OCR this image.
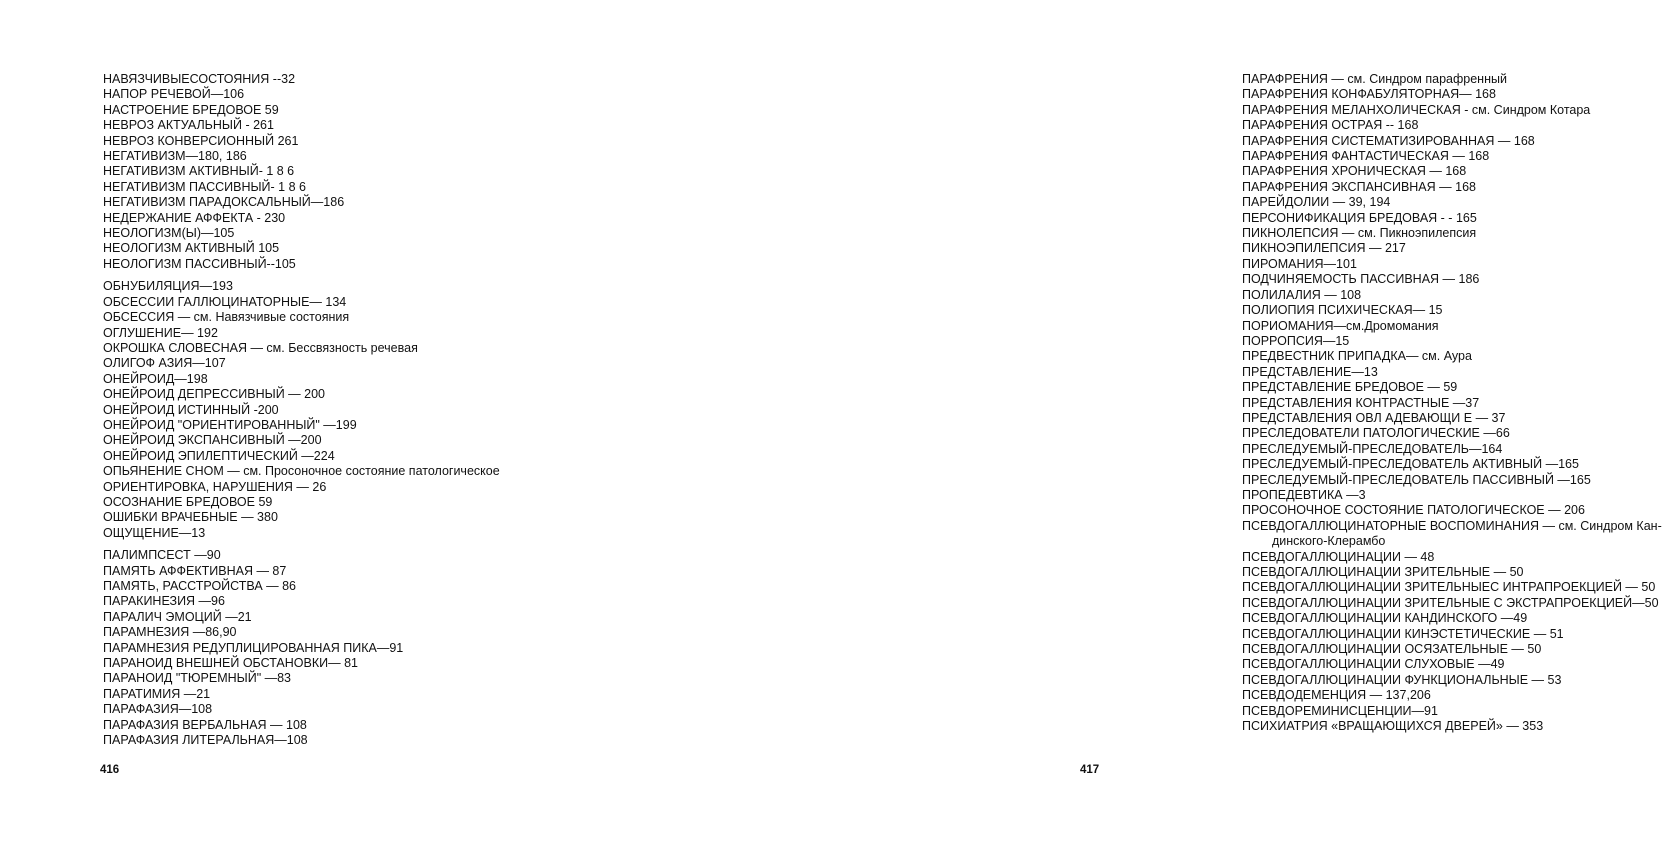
НАВЯЗЧИВЫЕСОСТОЯНИЯ --32
НАПОР РЕЧЕВОЙ—106
НАСТРОЕНИЕ БРЕДОВОЕ 59
НЕВРОЗ АКТУАЛЬНЫЙ - 261
НЕВРОЗ КОНВЕРСИОННЫЙ 261
НЕГАТИВИЗМ—180, 186
НЕГАТИВИЗМ АКТИВНЫЙ- 1 8 6
НЕГАТИВИЗМ ПАССИВНЫЙ- 1 8 6
НЕГАТИВИЗМ ПАРАДОКСАЛЬНЫЙ—186
НЕДЕРЖАНИЕ АФФЕКТА - 230
НЕОЛОГИЗМ(Ы)—105
НЕОЛОГИЗМ АКТИВНЫЙ 105
НЕОЛОГИЗМ ПАССИВНЫЙ--105
ОБНУБИЛЯЦИЯ—193
ОБСЕССИИ ГАЛЛЮЦИНАТОРНЫЕ— 134
ОБСЕССИЯ — см. Навязчивые состояния
ОГЛУШЕНИЕ— 192
ОКРОШКА СЛОВЕСНАЯ — см. Бессвязность речевая
ОЛИГОФ АЗИЯ—107
ОНЕЙРОИД—198
ОНЕЙРОИД ДЕПРЕССИВНЫЙ — 200
ОНЕЙРОИД ИСТИННЫЙ -200
ОНЕЙРОИД "ОРИЕНТИРОВАННЫЙ" —199
ОНЕЙРОИД ЭКСПАНСИВНЫЙ —200
ОНЕЙРОИД ЭПИЛЕПТИЧЕСКИЙ —224
ОПЬЯНЕНИЕ СНОМ — см. Просоночное состояние патологическое
ОРИЕНТИРОВКА, НАРУШЕНИЯ — 26
ОСОЗНАНИЕ БРЕДОВОЕ 59
ОШИБКИ ВРАЧЕБНЫЕ — 380
ОЩУЩЕНИЕ—13
ПАЛИМПСЕСТ —90
ПАМЯТЬ АФФЕКТИВНАЯ — 87
ПАМЯТЬ, РАССТРОЙСТВА — 86
ПАРАКИНЕЗИЯ —96
ПАРАЛИЧ ЭМОЦИЙ —21
ПАРАМНЕЗИЯ —86,90
ПАРАМНЕЗИЯ РЕДУПЛИЦИРОВАННАЯ ПИКА—91
ПАРАНОИД ВНЕШНЕЙ ОБСТАНОВКИ— 81
ПАРАНОИД "ТЮРЕМНЫЙ" —83
ПАРАТИМИЯ —21
ПАРАФАЗИЯ—108
ПАРАФАЗИЯ ВЕРБАЛЬНАЯ — 108
ПАРАФАЗИЯ ЛИТЕРАЛЬНАЯ—108
416
ПАРАФРЕНИЯ — см. Синдром парафренный
ПАРАФРЕНИЯ КОНФАБУЛЯТОРНАЯ— 168
ПАРАФРЕНИЯ МЕЛАНХОЛИЧЕСКАЯ - см. Синдром Котара
ПАРАФРЕНИЯ ОСТРАЯ -- 168
ПАРАФРЕНИЯ СИСТЕМАТИЗИРОВАННАЯ — 168
ПАРАФРЕНИЯ ФАНТАСТИЧЕСКАЯ — 168
ПАРАФРЕНИЯ ХРОНИЧЕСКАЯ — 168
ПАРАФРЕНИЯ ЭКСПАНСИВНАЯ — 168
ПАРЕЙДОЛИИ — 39, 194
ПЕРСОНИФИКАЦИЯ БРЕДОВАЯ - - 165
ПИКНОЛЕПСИЯ — см. Пикноэпилепсия
ПИКНОЭПИЛЕПСИЯ — 217
ПИРОМАНИЯ—101
ПОДЧИНЯЕМОСТЬ ПАССИВНАЯ — 186
ПОЛИЛАЛИЯ — 108
ПОЛИОПИЯ ПСИХИЧЕСКАЯ— 15
ПОРИОМАНИЯ—см.Дромомания
ПОРРОПСИЯ—15
ПРЕДВЕСТНИК ПРИПАДКА— см. Аура
ПРЕДСТАВЛЕНИЕ—13
ПРЕДСТАВЛЕНИЕ БРЕДОВОЕ — 59
ПРЕДСТАВЛЕНИЯ КОНТРАСТНЫЕ —37
ПРЕДСТАВЛЕНИЯ ОВЛ АДЕВАЮЩИ Е — 37
ПРЕСЛЕДОВАТЕЛИ ПАТОЛОГИЧЕСКИЕ —66
ПРЕСЛЕДУЕМЫЙ-ПРЕСЛЕДОВАТЕЛЬ—164
ПРЕСЛЕДУЕМЫЙ-ПРЕСЛЕДОВАТЕЛЬ АКТИВНЫЙ —165
ПРЕСЛЕДУЕМЫЙ-ПРЕСЛЕДОВАТЕЛЬ ПАССИВНЫЙ —165
ПРОПЕДЕВТИКА —3
ПРОСОНОЧНОЕ СОСТОЯНИЕ ПАТОЛОГИЧЕСКОЕ — 206
ПСЕВДОГАЛЛЮЦИНАТОРНЫЕ ВОСПОМИНАНИЯ — см. Синдром Кан-
динского-Клерамбо
ПСЕВДОГАЛЛЮЦИНАЦИИ — 48
ПСЕВДОГАЛЛЮЦИНАЦИИ ЗРИТЕЛЬНЫЕ — 50
ПСЕВДОГАЛЛЮЦИНАЦИИ ЗРИТЕЛЬНЫЕС ИНТРАПРОЕКЦИЕЙ — 50
ПСЕВДОГАЛЛЮЦИНАЦИИ ЗРИТЕЛЬНЫЕ С ЭКСТРАПРОЕКЦИЕЙ—50
ПСЕВДОГАЛЛЮЦИНАЦИИ КАНДИНСКОГО —49
ПСЕВДОГАЛЛЮЦИНАЦИИ КИНЭСТЕТИЧЕСКИЕ — 51
ПСЕВДОГАЛЛЮЦИНАЦИИ ОСЯЗАТЕЛЬНЫЕ — 50
ПСЕВДОГАЛЛЮЦИНАЦИИ СЛУХОВЫЕ —49
ПСЕВДОГАЛЛЮЦИНАЦИИ ФУНКЦИОНАЛЬНЫЕ — 53
ПСЕВДОДЕМЕНЦИЯ — 137,206
ПСЕВДОРЕМИНИСЦЕНЦИИ—91
ПСИХИАТРИЯ «ВРАЩАЮЩИХСЯ ДВЕРЕЙ» — 353
417
